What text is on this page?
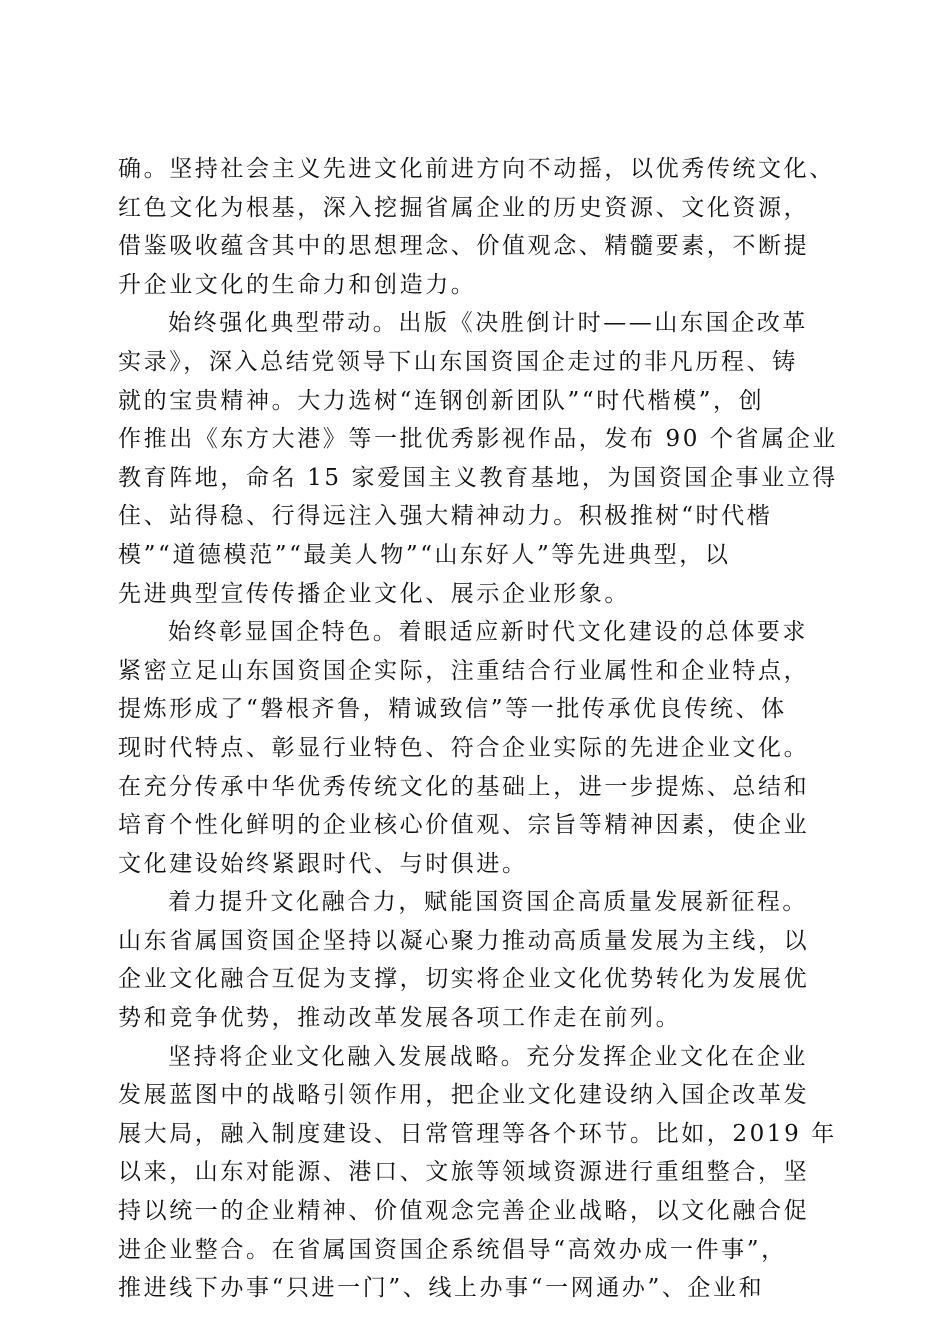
确。坚持社会主义先进文化前进方向不动摇，以优秀传统文化、
红色文化为根基，深入挖掘省属企业的历史资源、文化资源，
借鉴吸收蕴含其中的思想理念、价值观念、精髓要素，不断提
升企业文化的生命力和创造力。
始终强化典型带动。出版《决胜倒计时——山东国企改革
实录》，深入总结党领导下山东国资国企走过的非凡历程、铸
就的宝贵精神。大力选树“连钢创新团队”“时代楷模”，创
作推出《东方大港》等一批优秀影视作品，发布 90 个省属企业
教育阵地，命名 15 家爱国主义教育基地，为国资国企事业立得
住、站得稳、行得远注入强大精神动力。积极推树“时代楷
模”“道德模范”“最美人物”“山东好人”等先进典型，以
先进典型宣传传播企业文化、展示企业形象。
始终彰显国企特色。着眼适应新时代文化建设的总体要求
紧密立足山东国资国企实际，注重结合行业属性和企业特点，
提炼形成了“磐根齐鲁，精诚致信”等一批传承优良传统、体
现时代特点、彰显行业特色、符合企业实际的先进企业文化。
在充分传承中华优秀传统文化的基础上，进一步提炼、总结和
培育个性化鲜明的企业核心价值观、宗旨等精神因素，使企业
文化建设始终紧跟时代、与时俱进。
着力提升文化融合力，赋能国资国企高质量发展新征程。
山东省属国资国企坚持以凝心聚力推动高质量发展为主线，以
企业文化融合互促为支撑，切实将企业文化优势转化为发展优
势和竞争优势，推动改革发展各项工作走在前列。
坚持将企业文化融入发展战略。充分发挥企业文化在企业
发展蓝图中的战略引领作用，把企业文化建设纳入国企改革发
展大局，融入制度建设、日常管理等各个环节。比如，2019 年
以来，山东对能源、港口、文旅等领域资源进行重组整合，坚
持以统一的企业精神、价值观念完善企业战略，以文化融合促
进企业整合。在省属国资国企系统倡导“高效办成一件事”，
推进线下办事“只进一门”、线上办事“一网通办”、企业和
